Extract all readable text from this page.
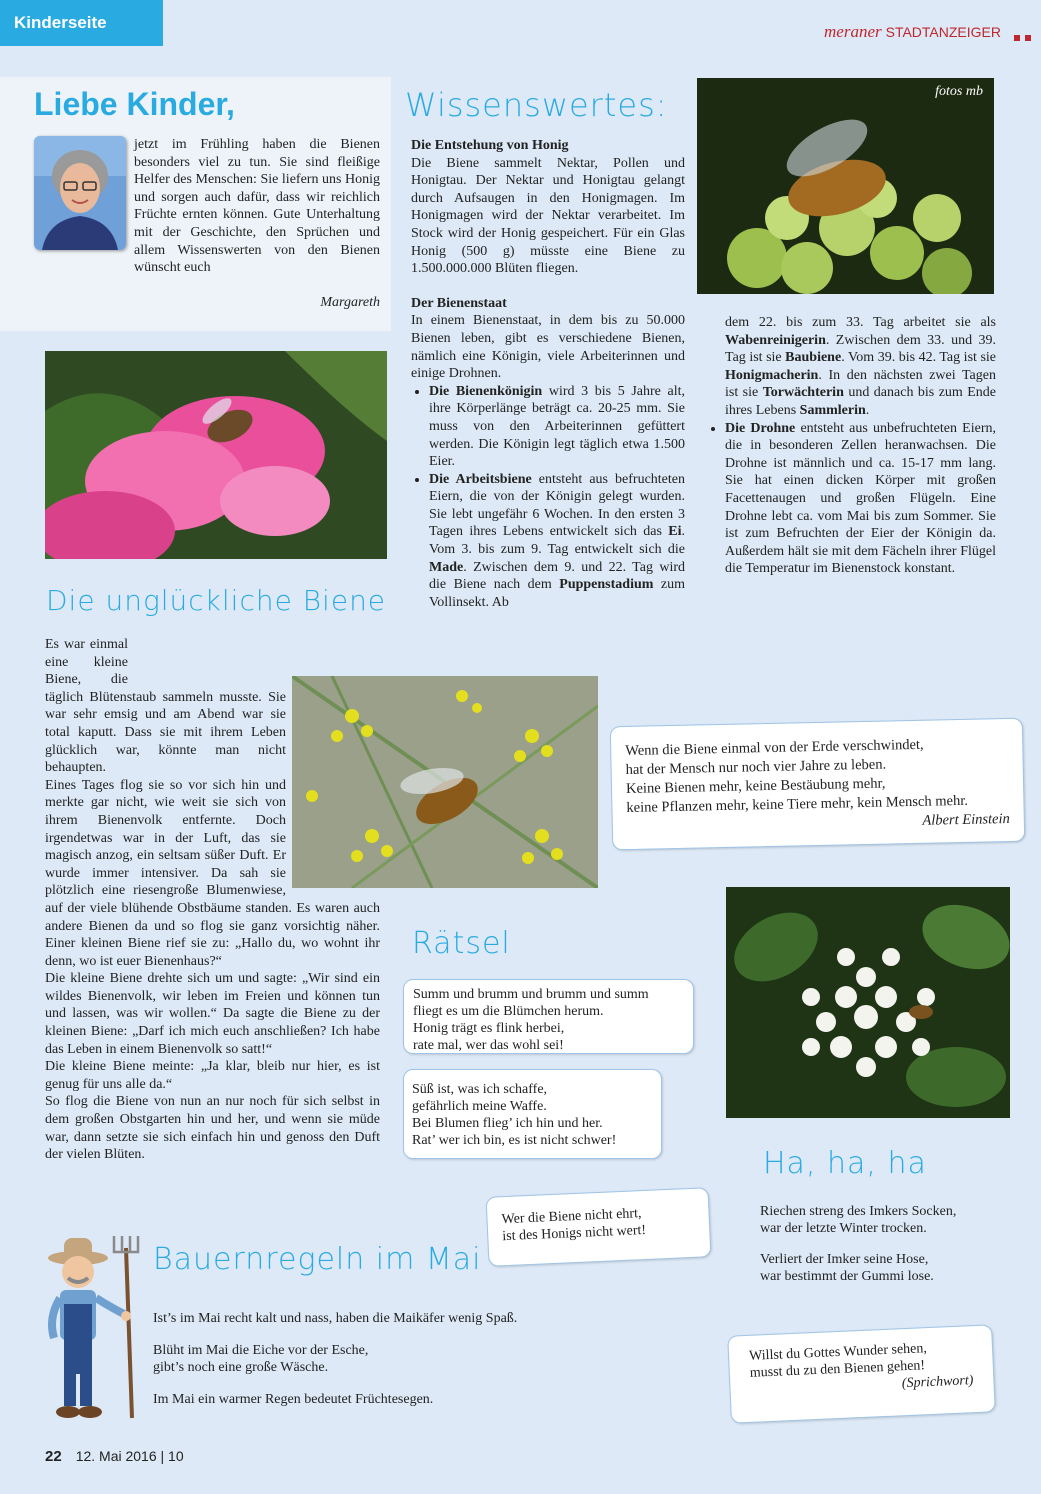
Kinderseite	meraner STADTANZEIGER
Liebe Kinder,

jetzt im Frühling haben die Bienen besonders viel zu tun. Sie sind fleißige Helfer des Menschen: Sie liefern uns Honig und sorgen auch dafür, dass wir reichlich Früchte ernten können. Gute Unterhaltung mit der Geschichte, den Sprüchen und allem Wissenswerten von den Bienen wünscht euch

Margareth
Wissenswertes:	fotos mb

Die Entstehung von Honig

Die Biene sammelt Nektar, Pollen und Honigtau. Der Nektar und Honigtau gelangt durch Aufsaugen in den Honigmagen. Im Honigmagen wird der Nektar verarbeitet. Im Stock wird der Honig gespeichert. Für ein Glas Honig (500 g) müsste eine Biene zu 1.500.000.000 Blüten fliegen.

Der Bienenstaat

In einem Bienenstaat, in dem bis zu 50.000 Bienen leben, gibt es verschiedene Bienen, nämlich eine Königin, viele Arbeiterinnen und einige Drohnen.

• Die Bienenkönigin wird 3 bis 5 Jahre alt, ihre Körperlänge beträgt ca. 20-25 mm. Sie muss von den Arbeiterinnen gefüttert werden. Die Königin legt täglich etwa 1.500 Eier.
• Die Arbeitsbiene entsteht aus befruchteten Eiern, die von der Königin gelegt wurden. Sie lebt ungefähr 6 Wochen. In den ersten 3 Tagen ihres Lebens entwickelt sich das Ei. Vom 3. bis zum 9. Tag entwickelt sich die Made. Zwischen dem 9. und 22. Tag wird die Biene nach dem Puppenstadium zum Vollinsekt. Ab

dem 22. bis zum 33. Tag arbeitet sie als Wabenreinigerin. Zwischen dem 33. und 39. Tag ist sie Baubiene. Vom 39. bis 42. Tag ist sie Honigmacherin. In den nächsten zwei Tagen ist sie Torwächterin und danach bis zum Ende ihres Lebens Sammlerin.

• Die Drohne entsteht aus unbefruchteten Eiern, die in besonderen Zellen heranwachsen. Die Drohne ist männlich und ca. 15-17 mm lang. Sie hat einen dicken Körper mit großen Facettenaugen und großen Flügeln. Eine Drohne lebt ca. vom Mai bis zum Sommer. Sie ist zum Befruchten der Eier der Königin da. Außerdem hält sie mit dem Fächeln ihrer Flügel die Temperatur im Bienenstock konstant.
Die unglückliche Biene

Es war einmal eine kleine Biene, die täglich Blütenstaub sammeln musste. Sie war sehr emsig und am Abend war sie total kaputt. Dass sie mit ihrem Leben glücklich war, könnte man nicht behaupten.

Eines Tages flog sie so vor sich hin und merkte gar nicht, wie weit sie sich von ihrem Bienenvolk entfernte. Doch irgendetwas war in der Luft, das sie magisch anzog, ein seltsam süßer Duft. Er wurde immer intensiver. Da sah sie plötzlich eine riesengroße Blumenwiese, auf der viele blühende Obstbäume standen. Es waren auch andere Bienen da und so flog sie ganz vorsichtig näher. Einer kleinen Biene rief sie zu: „Hallo du, wo wohnt ihr denn, wo ist euer Bienenhaus?“

Die kleine Biene drehte sich um und sagte: „Wir sind ein wildes Bienenvolk, wir leben im Freien und können tun und lassen, was wir wollen.“ Da sagte die Biene zu der kleinen Biene: „Darf ich mich euch anschließen? Ich habe das Leben in einem Bienenvolk so satt!“

Die kleine Biene meinte: „Ja klar, bleib nur hier, es ist genug für uns alle da.“

So flog die Biene von nun an nur noch für sich selbst in dem großen Obstgarten hin und her, und wenn sie müde war, dann setzte sie sich einfach hin und genoss den Duft der vielen Blüten.

Wenn die Biene einmal von der Erde verschwindet,
hat der Mensch nur noch vier Jahre zu leben.
Keine Bienen mehr, keine Bestäubung mehr,
keine Pflanzen mehr, keine Tiere mehr, kein Mensch mehr.
Albert Einstein
Rätsel
Summ und brumm und brumm und summ
fliegt es um die Blümchen herum.
Honig trägt es flink herbei,
rate mal, wer das wohl sei!
Süß ist, was ich schaffe,
gefährlich meine Waffe.
Bei Blumen flieg’ ich hin und her.
Rat’ wer ich bin, es ist nicht schwer!
Ha, ha, ha
Riechen streng des Imkers Socken,
war der letzte Winter trocken.
Verliert der Imker seine Hose,
war bestimmt der Gummi lose.
Wer die Biene nicht ehrt,
ist des Honigs nicht wert!
Bauernregeln im Mai
Ist’s im Mai recht kalt und nass, haben die Maikäfer wenig Spaß.
Blüht im Mai die Eiche vor der Esche,
gibt’s noch eine große Wäsche.
Im Mai ein warmer Regen bedeutet Früchtesegen.
Willst du Gottes Wunder sehen,
musst du zu den Bienen gehen!
(Sprichwort)
22 12. Mai 2016 | 10
